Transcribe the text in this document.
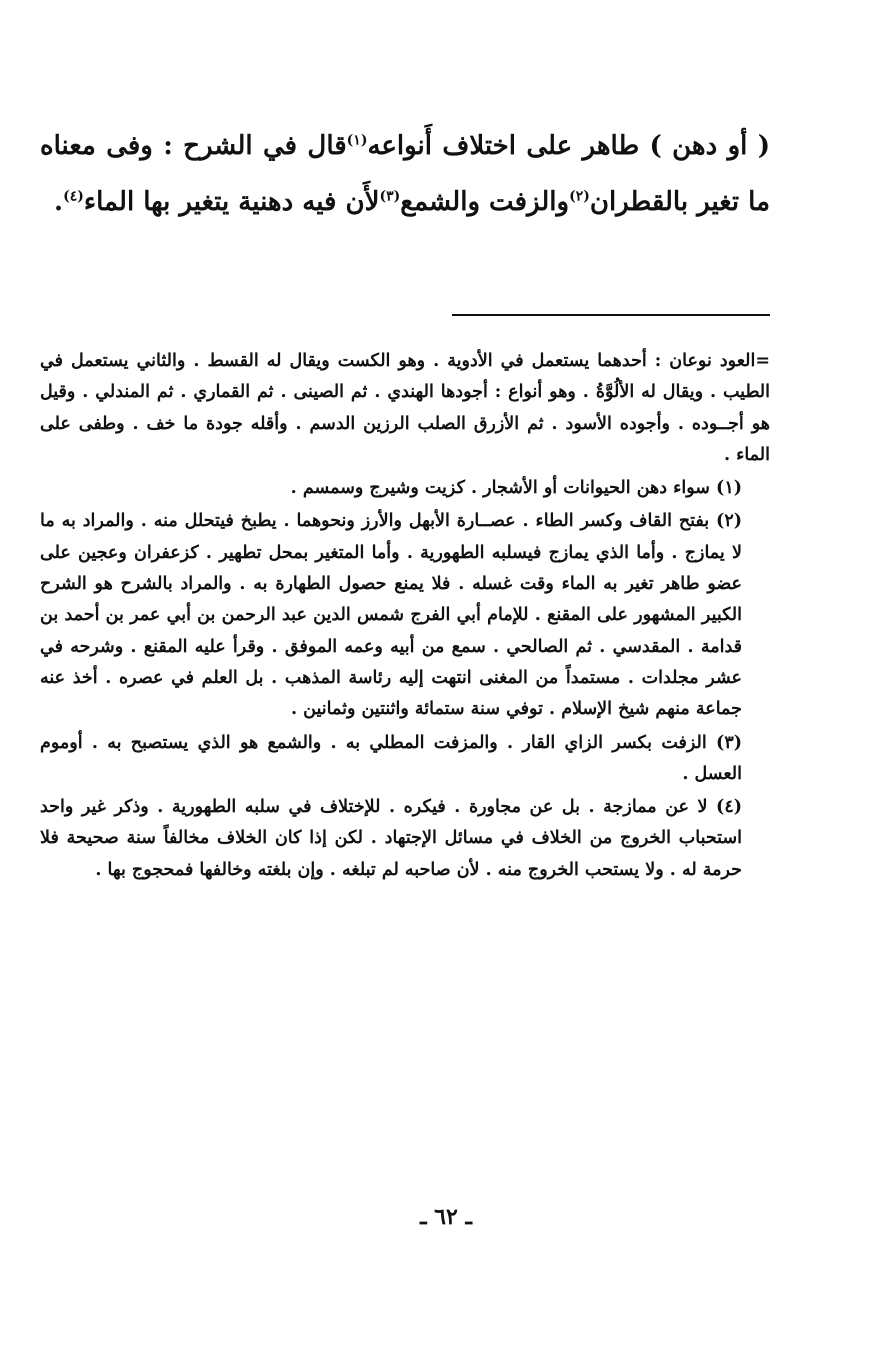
( أو دهن ) طاهر على اختلاف أَنواعه$^{(١)}$قال في الشرح : وفى معناه ما تغير بالقطران$^{(٢)}$والزفت والشمع$^{(٣)}$لأَن فيه دهنية يتغير بها الماء$^{(٤)}$.

=العود نوعان : أحدهما يستعمل في الأدوية . وهو الكست ويقال له القسط . والثاني يستعمل في الطيب . ويقال له الألُوَّةُ . وهو أنواع : أجودها الهندي . ثم الصينى . ثم القماري . ثم المندلي . وقيل هو أجــوده . وأجوده الأسود . ثم الأزرق الصلب الرزين الدسم . وأقله جودة ما خف . وطفى على الماء .

(١) سواء دهن الحيوانات أو الأشجار . كزيت وشيرج وسمسم .

(٢) بفتح القاف وكسر الطاء . عصــارة الأبهل والأرز ونحوهما . يطبخ فيتحلل منه . والمراد به ما لا يمازج . وأما الذي يمازج فيسلبه الطهورية . وأما المتغير بمحل تطهير . كزعفران وعجين على عضو طاهر تغير به الماء وقت غسله . فلا يمنع حصول الطهارة به . والمراد بالشرح هو الشرح الكبير المشهور على المقنع . للإمام أبي الفرج شمس الدين عبد الرحمن بن أبي عمر بن أحمد بن قدامة . المقدسي . ثم الصالحي . سمع من أبيه وعمه الموفق . وقرأ عليه المقنع . وشرحه في عشر مجلدات . مستمداً من المغنى انتهت إليه رئاسة المذهب . بل العلم في عصره . أخذ عنه جماعة منهم شيخ الإسلام . توفي سنة ستمائة واثنتين وثمانين .

(٣) الزفت بكسر الزاي القار . والمزفت المطلي به . والشمع هو الذي يستصبح به . أوموم العسل .

(٤) لا عن ممازجة . بل عن مجاورة . فيكره . للإختلاف في سلبه الطهورية . وذكر غير واحد استحباب الخروج من الخلاف في مسائل الإجتهاد . لكن إذا كان الخلاف مخالفاً سنة صحيحة فلا حرمة له . ولا يستحب الخروج منه . لأن صاحبه لم تبلغه . وإن بلغته وخالفها فمحجوج بها .

ـ ٦٢ ـ
